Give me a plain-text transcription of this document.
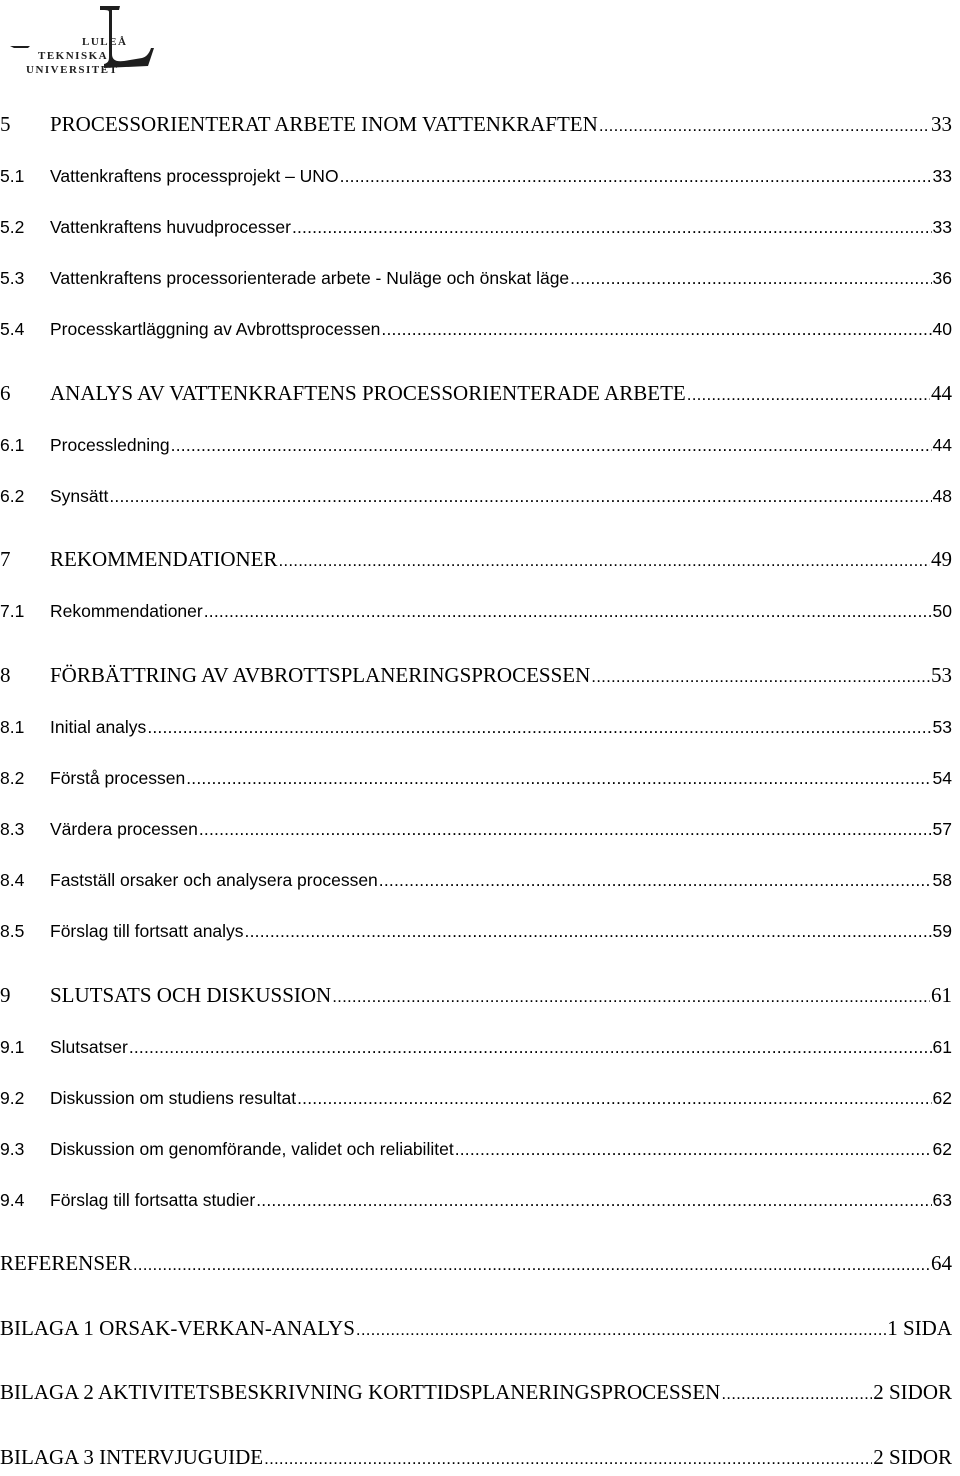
LULEÅ
TEKNISKA
UNIVERSITET
5	PROCESSORIENTERAT ARBETE INOM VATTENKRAFTEN .....	33
5.1	Vattenkraftens processprojekt – UNO .....	33
5.2	Vattenkraftens huvudprocesser .....	33
5.3	Vattenkraftens processorienterade arbete - Nuläge och önskat läge .....	36
5.4	Processkartläggning av Avbrottsprocessen .....	40
6	ANALYS AV VATTENKRAFTENS PROCESSORIENTERADE ARBETE .....	44
6.1	Processledning .....	44
6.2	Synsätt .....	48
7	REKOMMENDATIONER .....	49
7.1	Rekommendationer .....	50
8	FÖRBÄTTRING AV AVBROTTSPLANERINGSPROCESSEN .....	53
8.1	Initial analys .....	53
8.2	Förstå processen .....	54
8.3	Värdera processen .....	57
8.4	Fastställ orsaker och analysera processen .....	58
8.5	Förslag till fortsatt analys .....	59
9	SLUTSATS OCH DISKUSSION .....	61
9.1	Slutsatser .....	61
9.2	Diskussion om studiens resultat .....	62
9.3	Diskussion om genomförande, validet och reliabilitet .....	62
9.4	Förslag till fortsatta studier .....	63
REFERENSER .....	64
BILAGA 1 ORSAK-VERKAN-ANALYS .....	1 SIDA
BILAGA 2 AKTIVITETSBESKRIVNING KORTTIDSPLANERINGSPROCESSEN .....	2 SIDOR
BILAGA 3 INTERVJUGUIDE .....	2 SIDOR
